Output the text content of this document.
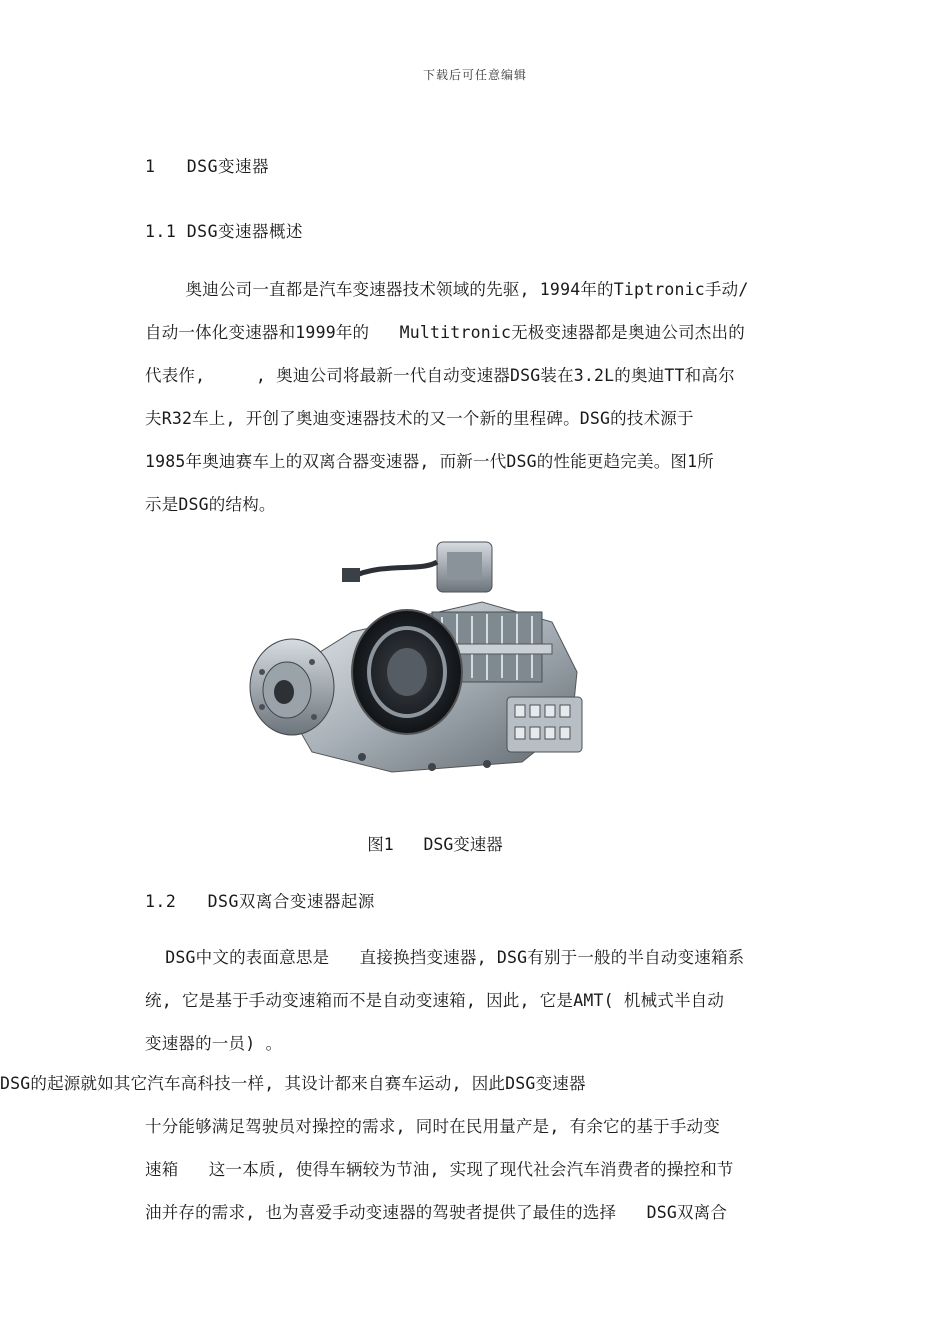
下载后可任意编辑
1   DSG变速器
1.1 DSG变速器概述
奥迪公司一直都是汽车变速器技术领域的先驱, 1994年的Tiptronic手动/
自动一体化变速器和1999年的   Multitronic无极变速器都是奥迪公司杰出的
代表作,     , 奥迪公司将最新一代自动变速器DSG装在3.2L的奥迪TT和高尔
夫R32车上, 开创了奥迪变速器技术的又一个新的里程碑。DSG的技术源于
1985年奥迪赛车上的双离合器变速器, 而新一代DSG的性能更趋完美。图1所
示是DSG的结构。
图1   DSG变速器
1.2   DSG双离合变速器起源
DSG中文的表面意思是   直接换挡变速器, DSG有别于一般的半自动变速箱系
统, 它是基于手动变速箱而不是自动变速箱, 因此, 它是AMT( 机械式半自动
变速器的一员) 。
DSG的起源就如其它汽车高科技一样, 其设计都来自赛车运动, 因此DSG变速器
十分能够满足驾驶员对操控的需求, 同时在民用量产是, 有余它的基于手动变
速箱   这一本质, 使得车辆较为节油, 实现了现代社会汽车消费者的操控和节
油并存的需求, 也为喜爱手动变速器的驾驶者提供了最佳的选择   DSG双离合
